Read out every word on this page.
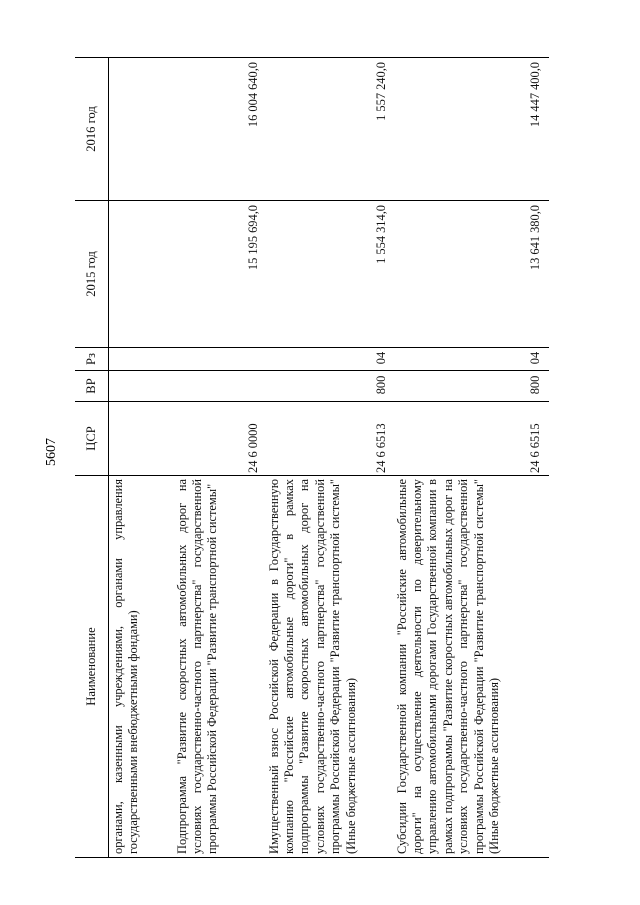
5607
Наименование	ЦСР	ВР	Рз	2015 год	2016 год
органами, казенными учреждениями, органами управления государственными внебюджетными фондами)					
Подпрограмма "Развитие скоростных автомобильных дорог на условиях государственно-частного партнерства" государственной программы Российской Федерации "Развитие транспортной системы"	24 6 0000			15 195 694,0	16 004 640,0
Имущественный взнос Российской Федерации в Государственную компанию "Российские автомобильные дороги" в рамках подпрограммы "Развитие скоростных автомобильных дорог на условиях государственно-частного партнерства" государственной программы Российской Федерации "Развитие транспортной системы" (Иные бюджетные ассигнования)	24 6 6513	800	04	1 554 314,0	1 557 240,0
Субсидии Государственной компании "Российские автомобильные дороги" на осуществление деятельности по доверительному управлению автомобильными дорогами Государственной компании в рамках подпрограммы "Развитие скоростных автомобильных дорог на условиях государственно-частного партнерства" государственной программы Российской Федерации "Развитие транспортной системы" (Иные бюджетные ассигнования)	24 6 6515	800	04	13 641 380,0	14 447 400,0
